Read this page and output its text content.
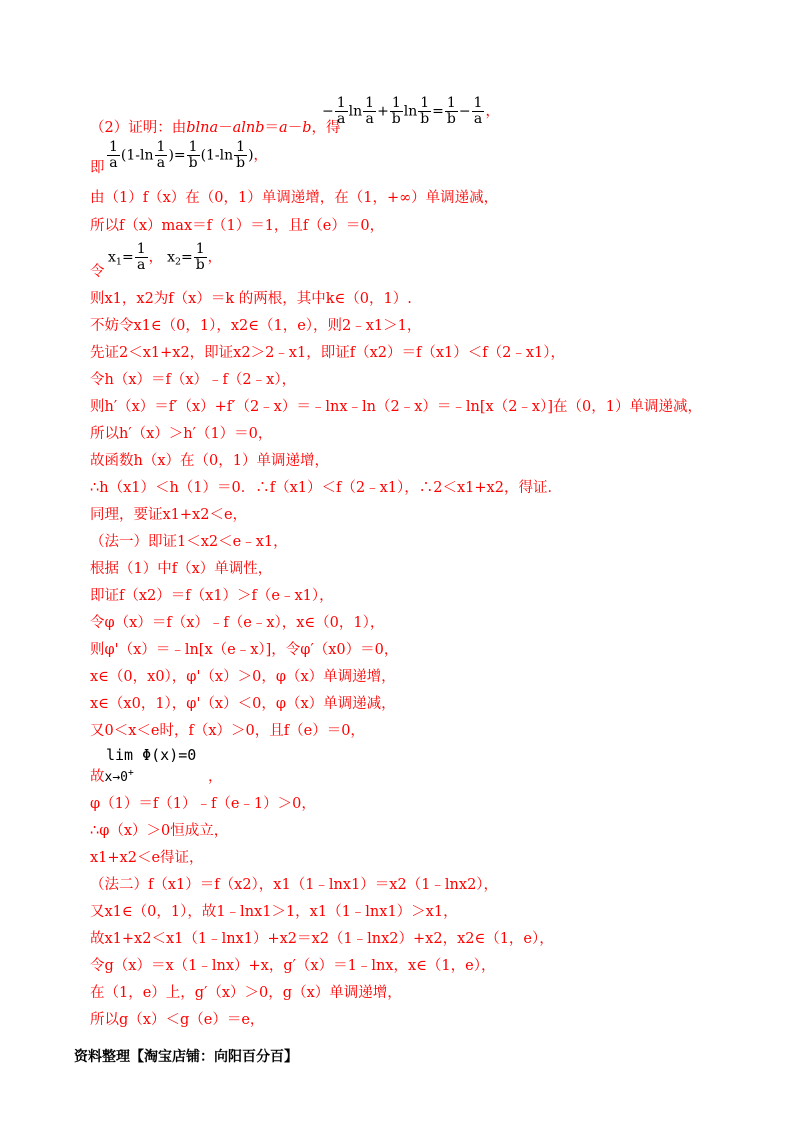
（2）证明：由blna－alnb＝a－b，得
− $\frac{1}{a}$ $\ln \frac{1}{a} + \frac{1}{b}$ $\ln \frac{1}{b} = \frac{1}{b} - \frac{1}{a}$ ，
即 $\frac{1}{a} (1-\ln \frac{1}{a}$ )= $\frac{1}{b} (1-\ln \frac{1}{b}$ )，
由（1）f（x）在（0，1）单调递增，在（1，+∞）单调递减，
所以f（x）max＝f（1）＝1，且f（e）＝0，
令
$x_1= \frac{1}{a}$ ， $x_2= \frac{1}{b}$ ，
则x1，x2为f（x）＝k 的两根，其中k∈（0，1）.
不妨令x1∈（0，1），x2∈（1，e），则2﹣x1＞1，
先证2＜x1+x2，即证x2＞2﹣x1，即证f（x2）＝f（x1）＜f（2﹣x1），
令h（x）＝f（x）﹣f（2﹣x），
则h′（x）＝f′（x）+f′（2﹣x）＝﹣lnx﹣ln（2﹣x）＝﹣ln[x（2﹣x）]在（0，1）单调递减，
所以h′（x）＞h′（1）＝0，
故函数h（x）在（0，1）单调递增，
∴h（x1）＜h（1）＝0．∴f（x1）＜f（2﹣x1），∴2＜x1+x2，得证．
同理，要证x1+x2＜e，
（法一）即证1＜x2＜e﹣x1，
根据（1）中f（x）单调性，
即证f（x2）＝f（x1）＞f（e﹣x1），
令φ（x）＝f（x）﹣f（e﹣x），x∈（0，1），
则φ'（x）＝﹣ln[x（e﹣x）]，令φ′（x0）＝0，
x∈（0，x0），φ'（x）＞0，φ（x）单调递增，
x∈（x0，1），φ'（x）＜0，φ（x）单调递减，
又0＜x＜e时，f（x）＞0，且f（e）＝0，
lim Φ(x)=0
故x→0+	，
φ（1）＝f（1）﹣f（e﹣1）＞0，
∴φ（x）＞0恒成立，
x1+x2＜e得证，
（法二）f（x1）＝f（x2），x1（1﹣lnx1）＝x2（1﹣lnx2），
又x1∈（0，1），故1﹣lnx1＞1，x1（1﹣lnx1）＞x1，
故x1+x2＜x1（1﹣lnx1）+x2＝x2（1﹣lnx2）+x2，x2∈（1，e），
令g（x）＝x（1﹣lnx）+x，g′（x）＝1﹣lnx，x∈（1，e），
在（1，e）上，g′（x）＞0，g（x）单调递增，
所以g（x）＜g（e）＝e，
资料整理【淘宝店铺：向阳百分百】
